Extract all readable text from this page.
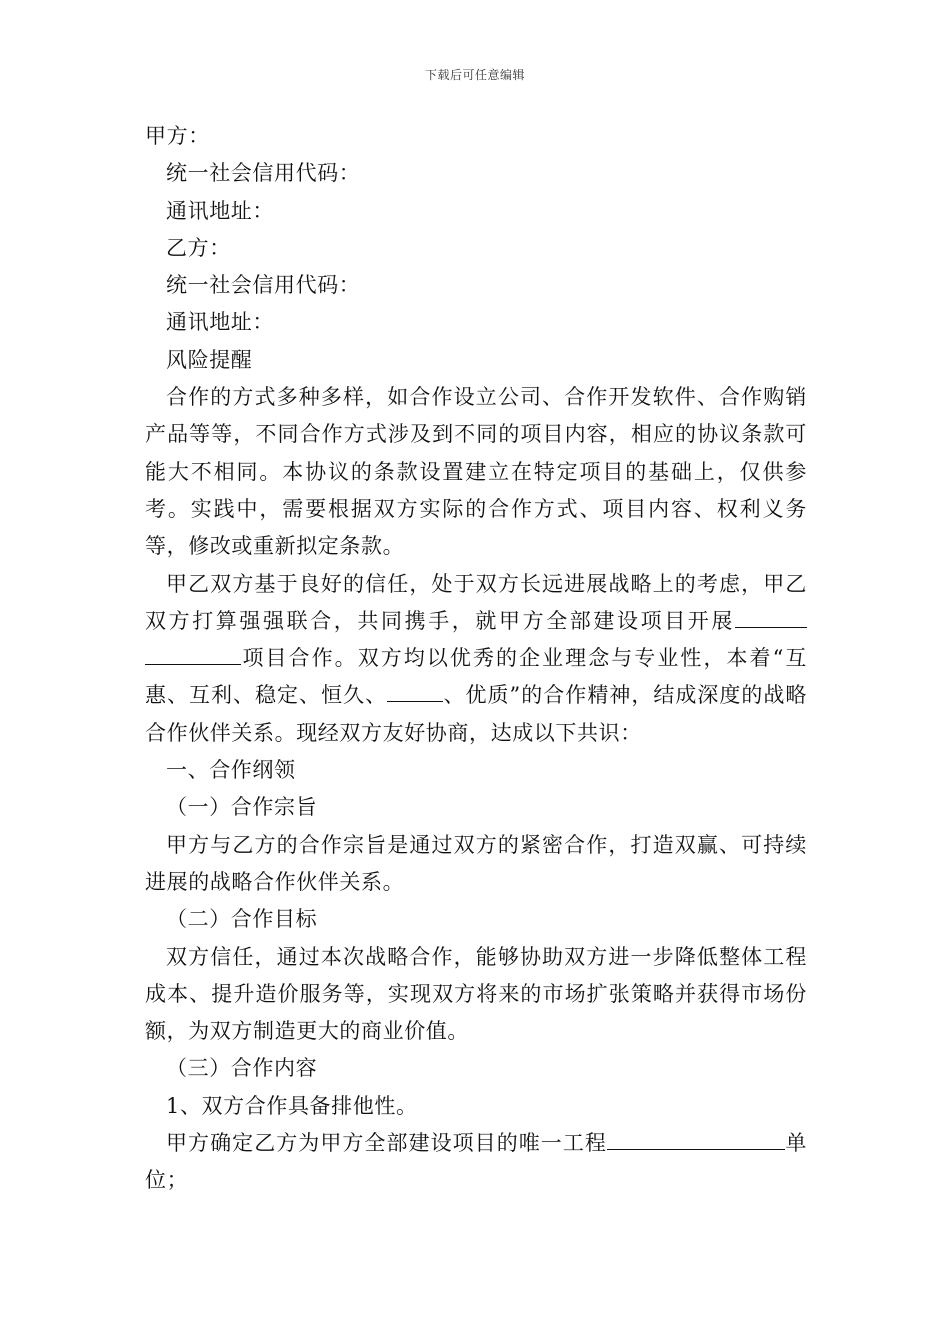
下载后可任意编辑

甲方：

统一社会信用代码：

通讯地址：

乙方：

统一社会信用代码：

通讯地址：

风险提醒

合作的方式多种多样，如合作设立公司、合作开发软件、合作购销产品等等，不同合作方式涉及到不同的项目内容，相应的协议条款可能大不相同。本协议的条款设置建立在特定项目的基础上，仅供参考。实践中，需要根据双方实际的合作方式、项目内容、权利义务等，修改或重新拟定条款。

甲乙双方基于良好的信任，处于双方长远进展战略上的考虑，甲乙双方打算强强联合，共同携手，就甲方全部建设项目开展项目合作。双方均以优秀的企业理念与专业性，本着“互惠、互利、稳定、恒久、	、优质”的合作精神，结成深度的战略合作伙伴关系。现经双方友好协商，达成以下共识：

一、合作纲领

（一）合作宗旨

甲方与乙方的合作宗旨是通过双方的紧密合作，打造双赢、可持续进展的战略合作伙伴关系。

（二）合作目标

双方信任，通过本次战略合作，能够协助双方进一步降低整体工程成本、提升造价服务等，实现双方将来的市场扩张策略并获得市场份额，为双方制造更大的商业价值。

（三）合作内容

1、双方合作具备排他性。

甲方确定乙方为甲方全部建设项目的唯一工程	单位；
